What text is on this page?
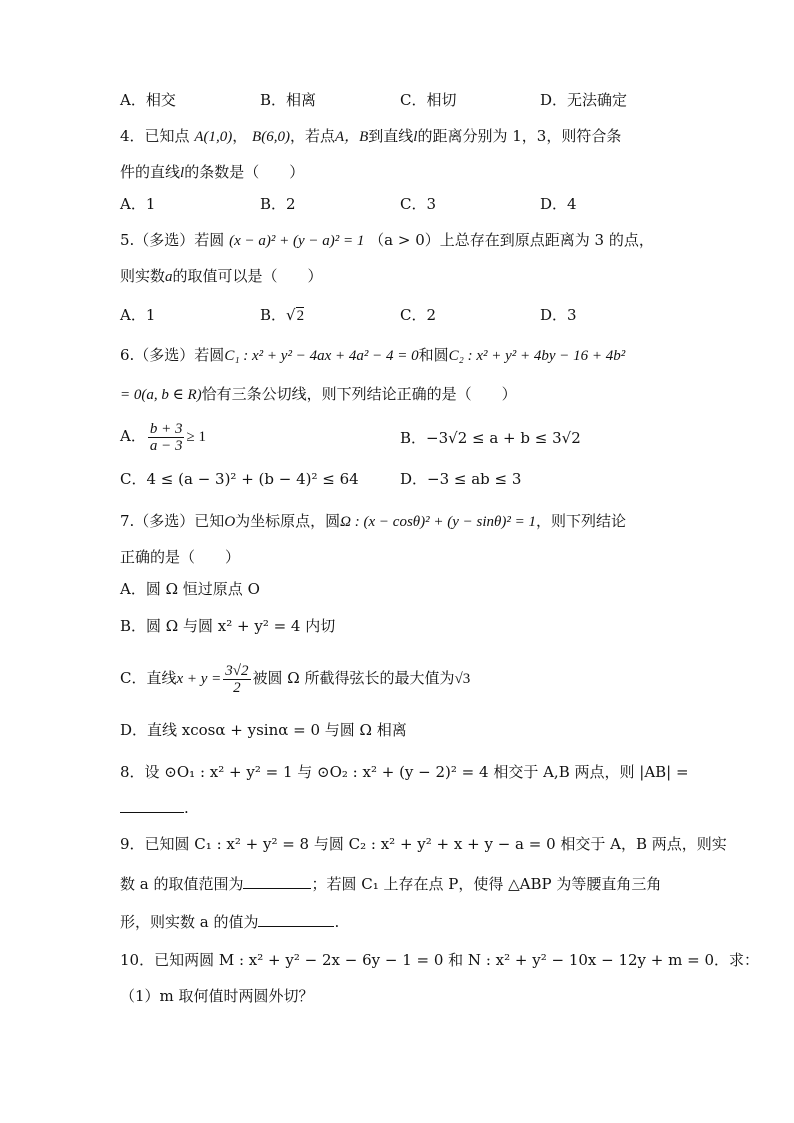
A．相交	B．相离	C．相切	D．无法确定
4．已知点 A(1,0)， B(6,0)，若点A，B到直线l的距离分别为 1，3，则符合条
件的直线l的条数是（　　）
A．1	B．2	C．3	D．4
5.（多选）若圆 (x − a)² + (y − a)² = 1 （a > 0）上总存在到原点距离为 3 的点，
则实数a的取值可以是（　　）
A．1	B．√2	C．2	D．3
6.（多选）若圆C₁ : x² + y² − 4ax + 4a² − 4 = 0和圆C₂ : x² + y² + 4by − 16 + 4b²
= 0(a, b ∈ R)恰有三条公切线，则下列结论正确的是（　　）
A． $\frac{b + 3}{a - 3} \ge 1$	B．−3√2 ≤ a + b ≤ 3√2
C．4 ≤ (a − 3)² + (b − 4)² ≤ 64	D．−3 ≤ ab ≤ 3
7.（多选）已知O为坐标原点，圆Ω : (x − cosθ)² + (y − sinθ)² = 1，则下列结论
正确的是（　　）
A．圆 Ω 恒过原点 O
B．圆 Ω 与圆 x² + y² = 4 内切
C．直线$x + y = \frac{3√2}{2}$ 被圆 Ω 所截得弦长的最大值为√3
D．直线 xcosα + ysinα = 0 与圆 Ω 相离
8．设 ⊙O₁ : x² + y² = 1 与 ⊙O₂ : x² + (y − 2)² = 4 相交于 A,B 两点，则 |AB| =
.
9．已知圆 C₁ : x² + y² = 8 与圆 C₂ : x² + y² + x + y − a = 0 相交于 A，B 两点，则实
数 a 的取值范围为	；若圆 C₁ 上存在点 P，使得 △ABP 为等腰直角三角
形，则实数 a 的值为	.
10．已知两圆 M : x² + y² − 2x − 6y − 1 = 0 和 N : x² + y² − 10x − 12y + m = 0．求：
（1）m 取何值时两圆外切？
